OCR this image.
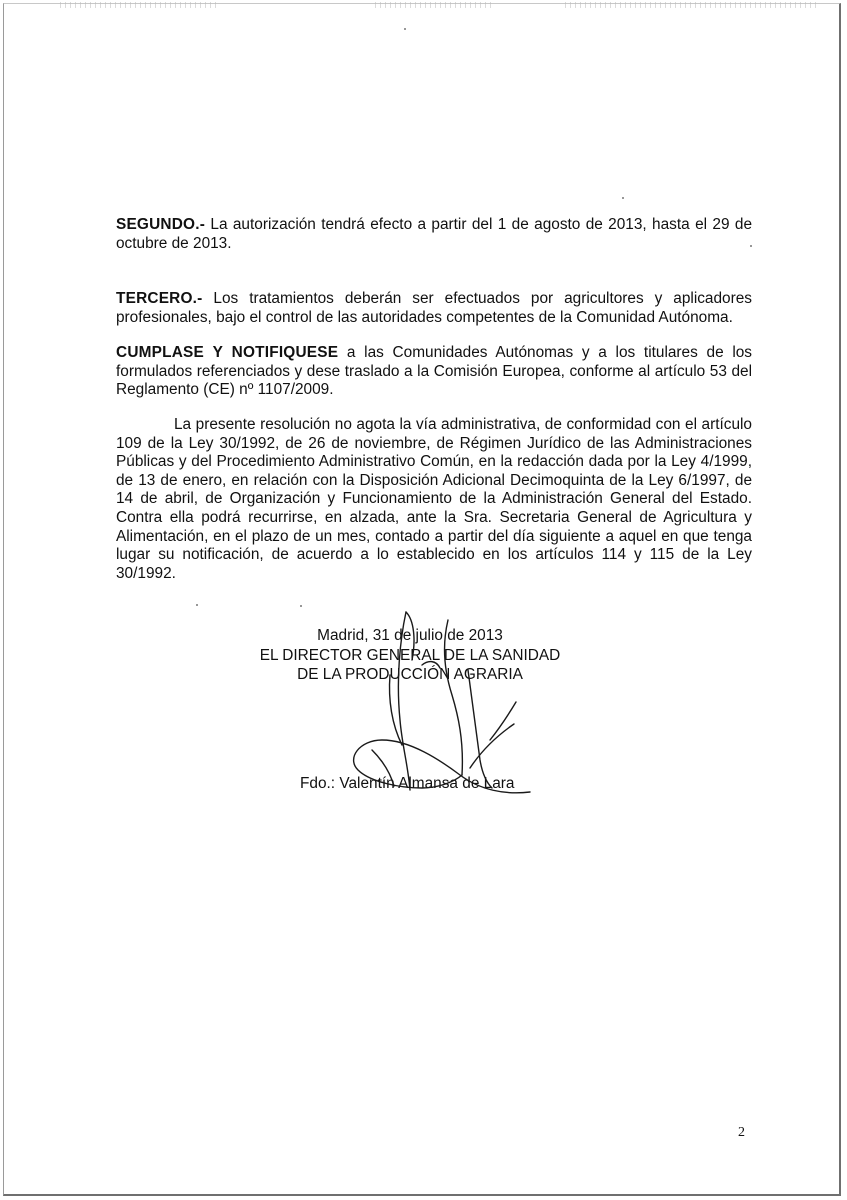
SEGUNDO.- La autorización tendrá efecto a partir del 1 de agosto de 2013, hasta el 29 de octubre de 2013.

TERCERO.- Los tratamientos deberán ser efectuados por agricultores y aplicadores profesionales, bajo el control de las autoridades competentes de la Comunidad Autónoma.

CUMPLASE Y NOTIFIQUESE a las Comunidades Autónomas y a los titulares de los formulados referenciados y dese traslado a la Comisión Europea, conforme al artículo 53 del Reglamento (CE) nº 1107/2009.

La presente resolución no agota la vía administrativa, de conformidad con el artículo 109 de la Ley 30/1992, de 26 de noviembre, de Régimen Jurídico de las Administraciones Públicas y del Procedimiento Administrativo Común, en la redacción dada por la Ley 4/1999, de 13 de enero, en relación con la Disposición Adicional Decimoquinta de la Ley 6/1997, de 14 de abril, de Organización y Funcionamiento de la Administración General del Estado. Contra ella podrá recurrirse, en alzada, ante la Sra. Secretaria General de Agricultura y Alimentación, en el plazo de un mes, contado a partir del día siguiente a aquel en que tenga lugar su notificación, de acuerdo a lo establecido en los artículos 114 y 115 de la Ley 30/1992.

Madrid, 31 de julio de 2013
EL DIRECTOR GENERAL DE LA SANIDAD
DE LA PRODUCCIÓN AGRARIA
Fdo.: Valentín Almansa de Lara
2
